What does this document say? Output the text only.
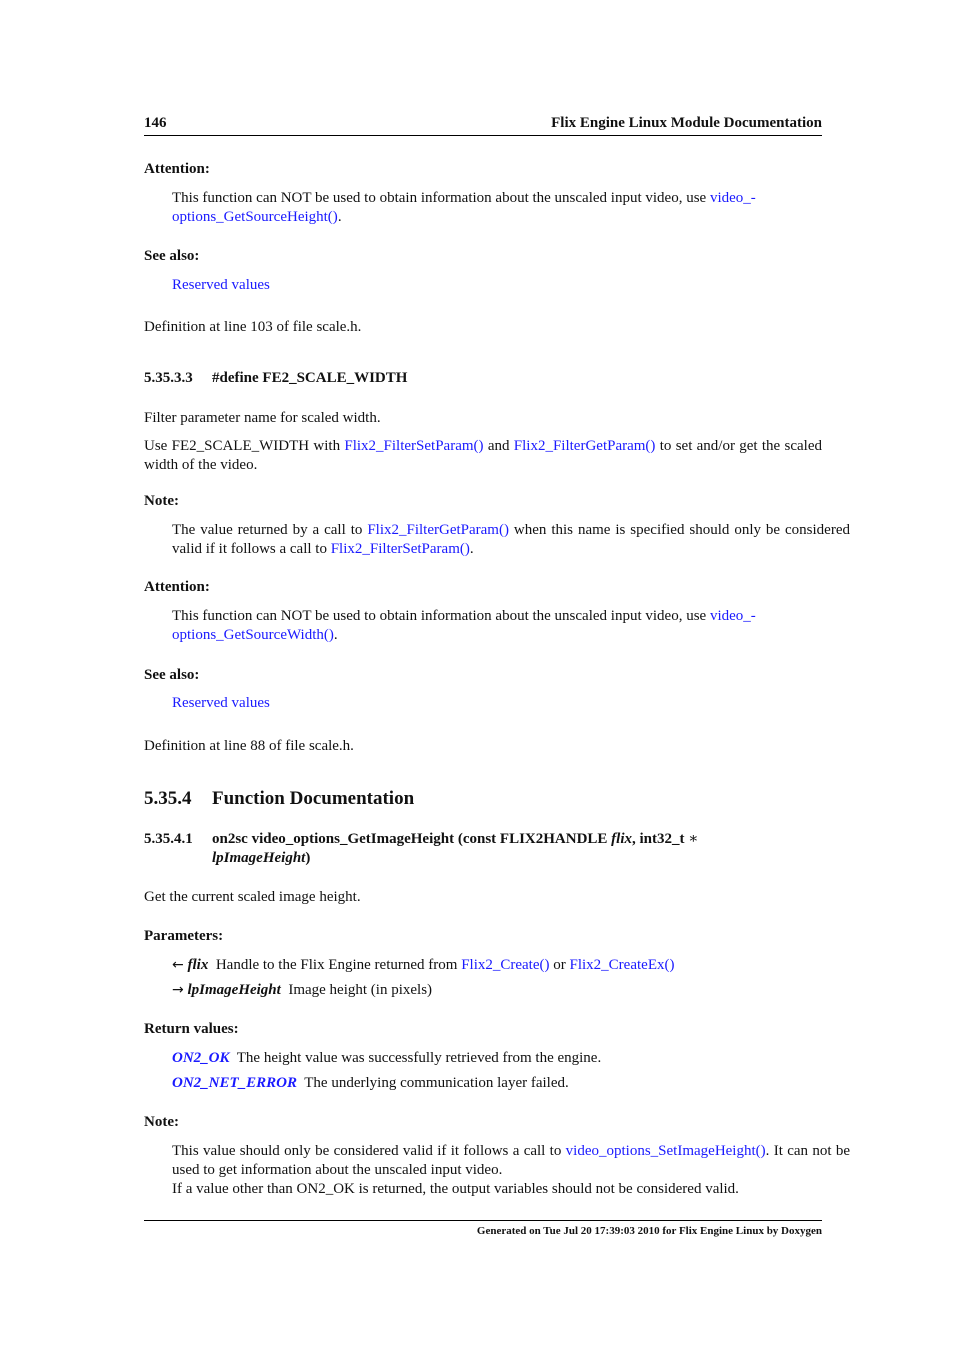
146	Flix Engine Linux Module Documentation
Attention:
This function can NOT be used to obtain information about the unscaled input video, use video_-
options_GetSourceHeight().
See also:
Reserved values
Definition at line 103 of file scale.h.
5.35.3.3 #define FE2_SCALE_WIDTH
Filter parameter name for scaled width.
Use FE2_SCALE_WIDTH with Flix2_FilterSetParam() and Flix2_FilterGetParam() to set and/or get the scaled width of the video.
Note:
The value returned by a call to Flix2_FilterGetParam() when this name is specified should only be considered valid if it follows a call to Flix2_FilterSetParam().
Attention:
This function can NOT be used to obtain information about the unscaled input video, use video_-
options_GetSourceWidth().
See also:
Reserved values
Definition at line 88 of file scale.h.
5.35.4 Function Documentation
5.35.4.1	on2sc video_options_GetImageHeight (const FLIX2HANDLE flix, int32_t ∗
lpImageHeight)
Get the current scaled image height.
Parameters:
← flix Handle to the Flix Engine returned from Flix2_Create() or Flix2_CreateEx()
→ lpImageHeight Image height (in pixels)
Return values:
ON2_OK The height value was successfully retrieved from the engine.
ON2_NET_ERROR The underlying communication layer failed.
Note:
This value should only be considered valid if it follows a call to video_options_SetImageHeight(). It can not be used to get information about the unscaled input video.
If a value other than ON2_OK is returned, the output variables should not be considered valid.
Generated on Tue Jul 20 17:39:03 2010 for Flix Engine Linux by Doxygen
